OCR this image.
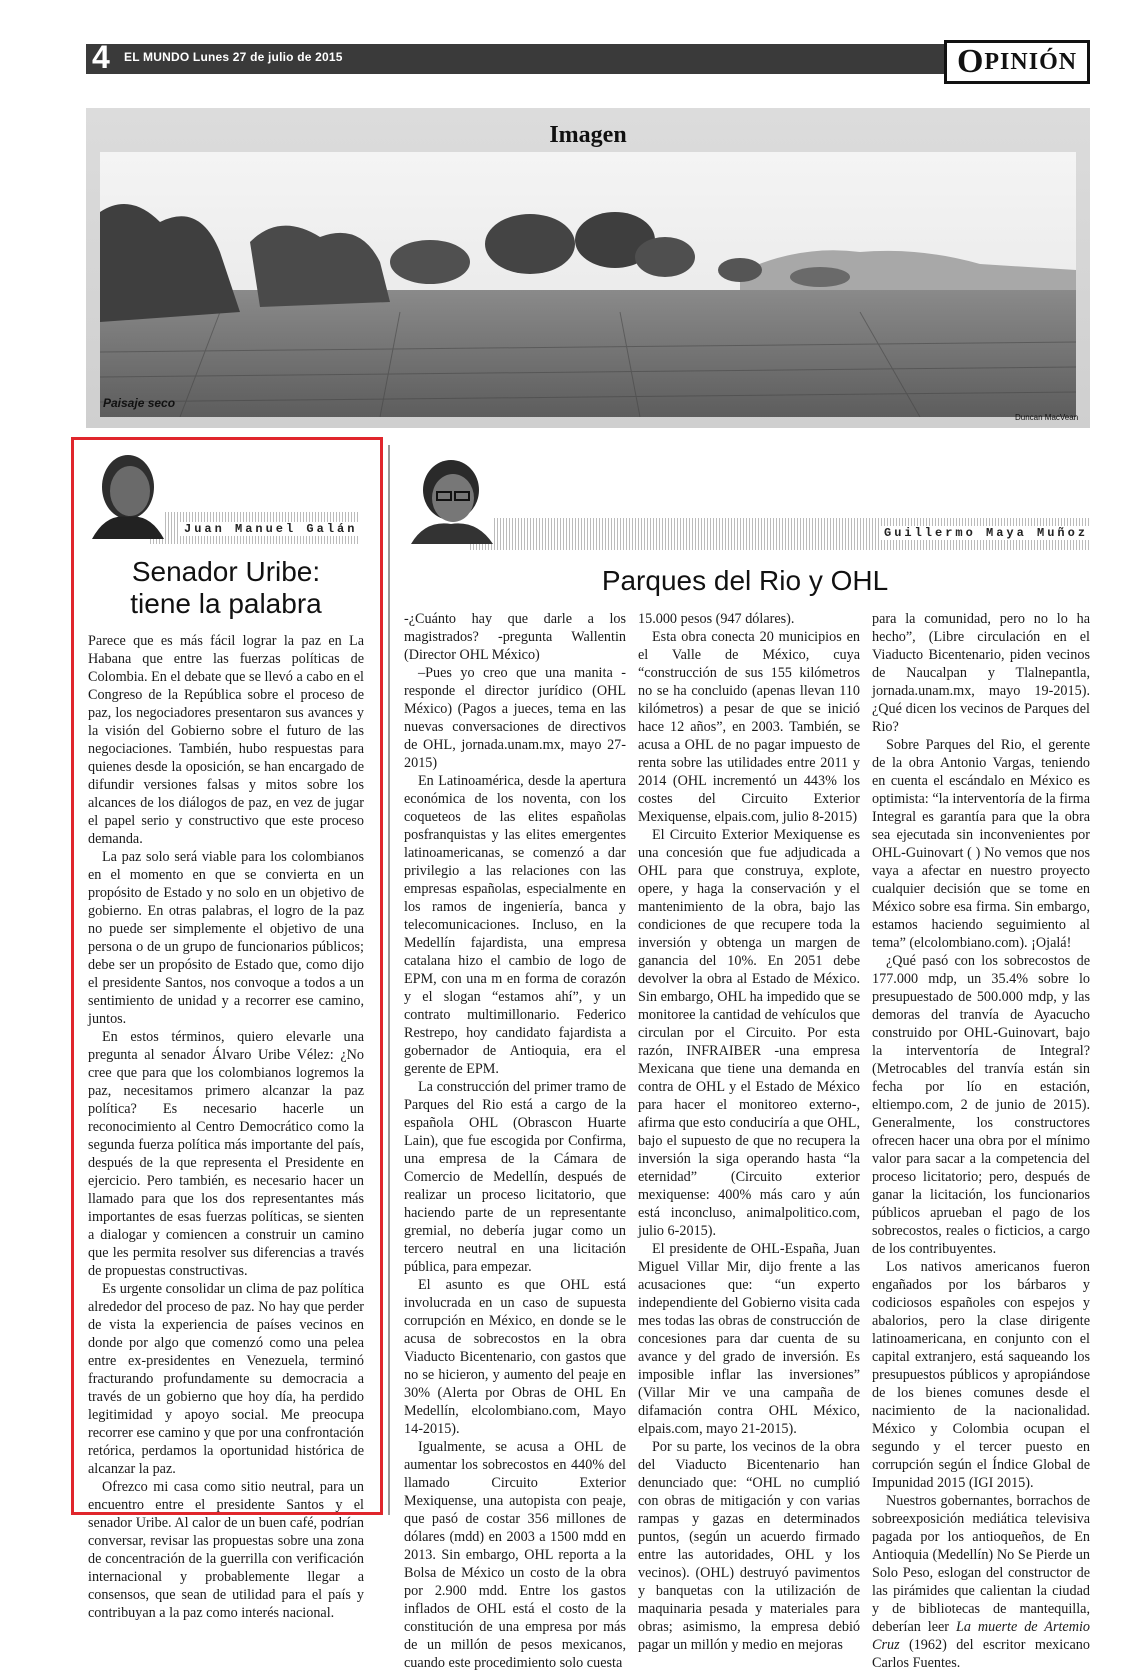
4 EL MUNDO Lunes 27 de julio de 2015	O PINIÓN
Imagen
Paisaje seco
Duncan MacVean
Juan Manuel Galán
Senador Uribe:
tiene la palabra

Parece que es más fácil lograr la paz en La Habana que entre las fuerzas políticas de Colombia. En el debate que se llevó a cabo en el Congreso de la República sobre el proceso de paz, los negociadores presentaron sus avances y la visión del Gobierno sobre el futuro de las negociaciones. También, hubo respuestas para quienes desde la oposición, se han encargado de difundir versiones falsas y mitos sobre los alcances de los diálogos de paz, en vez de jugar el papel serio y constructivo que este proceso demanda.

La paz solo será viable para los colombianos en el momento en que se convierta en un propósito de Estado y no solo en un objetivo de gobierno. En otras palabras, el logro de la paz no puede ser simplemente el objetivo de una persona o de un grupo de funcionarios públicos; debe ser un propósito de Estado que, como dijo el presidente Santos, nos convoque a todos a un sentimiento de unidad y a recorrer ese camino, juntos.

En estos términos, quiero elevarle una pregunta al senador Álvaro Uribe Vélez: ¿No cree que para que los colombianos logremos la paz, necesitamos primero alcanzar la paz política? Es necesario hacerle un reconocimiento al Centro Democrático como la segunda fuerza política más importante del país, después de la que representa el Presidente en ejercicio. Pero también, es necesario hacer un llamado para que los dos representantes más importantes de esas fuerzas políticas, se sienten a dialogar y comiencen a construir un camino que les permita resolver sus diferencias a través de propuestas constructivas.

Es urgente consolidar un clima de paz política alrededor del proceso de paz. No hay que perder de vista la experiencia de países vecinos en donde por algo que comenzó como una pelea entre ex-presidentes en Venezuela, terminó fracturando profundamente su democracia a través de un gobierno que hoy día, ha perdido legitimidad y apoyo social. Me preocupa recorrer ese camino y que por una confrontación retórica, perdamos la oportunidad histórica de alcanzar la paz.

Ofrezco mi casa como sitio neutral, para un encuentro entre el presidente Santos y el senador Uribe. Al calor de un buen café, podrían conversar, revisar las propuestas sobre una zona de concentración de la guerrilla con verificación internacional y probablemente llegar a consensos, que sean de utilidad para el país y contribuyan a la paz como interés nacional.

Guillermo Maya Muñoz
Parques del Rio y OHL

-¿Cuánto hay que darle a los magistrados? -pregunta Wallentin (Director OHL México)

–Pues yo creo que una manita -responde el director jurídico (OHL México) (Pagos a jueces, tema en las nuevas conversaciones de directivos de OHL, jornada.unam.mx, mayo 27-2015)

En Latinoamérica, desde la apertura económica de los noventa, con los coqueteos de las elites españolas posfranquistas y las elites emergentes latinoamericanas, se comenzó a dar privilegio a las relaciones con las empresas españolas, especialmente en los ramos de ingeniería, banca y telecomunicaciones. Incluso, en la Medellín fajardista, una empresa catalana hizo el cambio de logo de EPM, con una m en forma de corazón y el slogan “estamos ahí”, y un contrato multimillonario. Federico Restrepo, hoy candidato fajardista a gobernador de Antioquia, era el gerente de EPM.

La construcción del primer tramo de Parques del Rio está a cargo de la española OHL (Obrascon Huarte Lain), que fue escogida por Confirma, una empresa de la Cámara de Comercio de Medellín, después de realizar un proceso licitatorio, que haciendo parte de un representante gremial, no debería jugar como un tercero neutral en una licitación pública, para empezar.

El asunto es que OHL está involucrada en un caso de supuesta corrupción en México, en donde se le acusa de sobrecostos en la obra Viaducto Bicentenario, con gastos que no se hicieron, y aumento del peaje en 30% (Alerta por Obras de OHL En Medellín, elcolombiano.com, Mayo 14-2015).

Igualmente, se acusa a OHL de aumentar los sobrecostos en 440% del llamado Circuito Exterior Mexiquense, una autopista con peaje, que pasó de costar 356 millones de dólares (mdd) en 2003 a 1500 mdd en 2013. Sin embargo, OHL reporta a la Bolsa de México un costo de la obra por 2.900 mdd. Entre los gastos inflados de OHL está el costo de la constitución de una empresa por más de un millón de pesos mexicanos, cuando este procedimiento solo cuesta

15.000 pesos (947 dólares).

Esta obra conecta 20 municipios en el Valle de México, cuya “construcción de sus 155 kilómetros no se ha concluido (apenas llevan 110 kilómetros) a pesar de que se inició hace 12 años”, en 2003. También, se acusa a OHL de no pagar impuesto de renta sobre las utilidades entre 2011 y 2014 (OHL incrementó un 443% los costes del Circuito Exterior Mexiquense, elpais.com, julio 8-2015)

El Circuito Exterior Mexiquense es una concesión que fue adjudicada a OHL para que construya, explote, opere, y haga la conservación y el mantenimiento de la obra, bajo las condiciones de que recupere toda la inversión y obtenga un margen de ganancia del 10%. En 2051 debe devolver la obra al Estado de México. Sin embargo, OHL ha impedido que se monitoree la cantidad de vehículos que circulan por el Circuito. Por esta razón, INFRAIBER -una empresa Mexicana que tiene una demanda en contra de OHL y el Estado de México para hacer el monitoreo externo-, afirma que esto conduciría a que OHL, bajo el supuesto de que no recupera la inversión la siga operando hasta “la eternidad” (Circuito exterior mexiquense: 400% más caro y aún está inconcluso, animalpolitico.com, julio 6-2015).

El presidente de OHL-España, Juan Miguel Villar Mir, dijo frente a las acusaciones que: “un experto independiente del Gobierno visita cada mes todas las obras de construcción de concesiones para dar cuenta de su avance y del grado de inversión. Es imposible inflar las inversiones” (Villar Mir ve una campaña de difamación contra OHL México, elpais.com, mayo 21-2015).

Por su parte, los vecinos de la obra del Viaducto Bicentenario han denunciado que: “OHL no cumplió con obras de mitigación y con varias rampas y gazas en determinados puntos, (según un acuerdo firmado entre las autoridades, OHL y los vecinos). (OHL) destruyó pavimentos y banquetas con la utilización de maquinaria pesada y materiales para obras; asimismo, la empresa debió pagar un millón y medio en mejoras

para la comunidad, pero no lo ha hecho”, (Libre circulación en el Viaducto Bicentenario, piden vecinos de Naucalpan y Tlalnepantla, jornada.unam.mx, mayo 19-2015). ¿Qué dicen los vecinos de Parques del Rio?

Sobre Parques del Rio, el gerente de la obra Antonio Vargas, teniendo en cuenta el escándalo en México es optimista: “la interventoría de la firma Integral es garantía para que la obra sea ejecutada sin inconvenientes por OHL-Guinovart ( ) No vemos que nos vaya a afectar en nuestro proyecto cualquier decisión que se tome en México sobre esa firma. Sin embargo, estamos haciendo seguimiento al tema” (elcolombiano.com). ¡Ojalá!

¿Qué pasó con los sobrecostos de 177.000 mdp, un 35.4% sobre lo presupuestado de 500.000 mdp, y las demoras del tranvía de Ayacucho construido por OHL-Guinovart, bajo la interventoría de Integral? (Metrocables del tranvía están sin fecha por lío en estación, eltiempo.com, 2 de junio de 2015). Generalmente, los constructores ofrecen hacer una obra por el mínimo valor para sacar a la competencia del proceso licitatorio; pero, después de ganar la licitación, los funcionarios públicos aprueban el pago de los sobrecostos, reales o ficticios, a cargo de los contribuyentes.

Los nativos americanos fueron engañados por los bárbaros y codiciosos españoles con espejos y abalorios, pero la clase dirigente latinoamericana, en conjunto con el capital extranjero, está saqueando los presupuestos públicos y apropiándose de los bienes comunes desde el nacimiento de la nacionalidad. México y Colombia ocupan el segundo y el tercer puesto en corrupción según el Índice Global de Impunidad 2015 (IGI 2015).

Nuestros gobernantes, borrachos de sobreexposición mediática televisiva pagada por los antioqueños, de En Antioquia (Medellín) No Se Pierde un Solo Peso, eslogan del constructor de las pirámides que calientan la ciudad y de bibliotecas de mantequilla, deberían leer La muerte de Artemio Cruz (1962) del escritor mexicano Carlos Fuentes.
